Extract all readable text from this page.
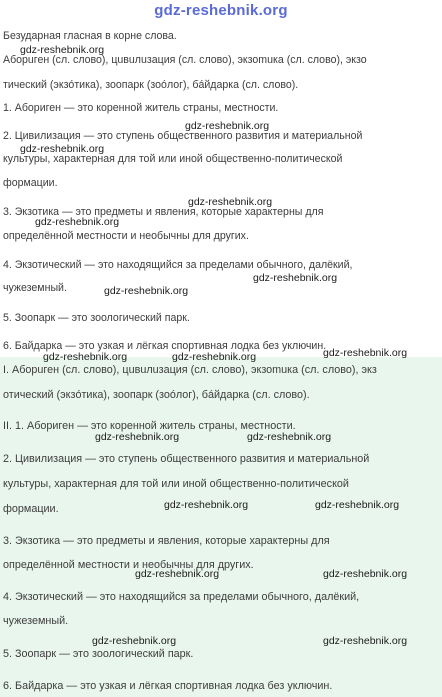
gdz-reshebnik.org
Безударная гласная в корне слова.
Аборuген (сл. слово), цuвuлuзация (сл. слово), экзоmuка (сл. слово), экзо
тический (экзóтика), зоопарк (зоóлог), бáйдарка (сл. слово).
1. Абориген — это коренной житель страны, местности.
2. Цивилизация — это ступень общественного развития и материальной
культуры, характерная для той или иной общественно-политической
формации.
3. Экзотика — это предметы и явления, которые характерны для
определённой местности и необычны для других.
4. Экзотический — это находящийся за пределами обычного, далёкий,
чужеземный.
5. Зоопарк — это зоологический парк.
6. Байдарка — это узкая и лёгкая спортивная лодка без уключин.
I. Абoрuген (сл. слово), цuвuлuзация (сл. слово), экзоmuка (сл. слово), экз
отический (экзóтика), зоопарк (зоóлог), бáйдарка (сл. слово).
II. 1. Абориген — это коренной житель страны, местности.
2. Цивилизация — это ступень общественного развития и материальной
культуры, характерная для той или иной общественно-политической
формации.
3. Экзотика — это предметы и явления, которые характерны для
определённой местности и необычны для других.
4. Экзотический — это находящийся за пределами обычного, далёкий,
чужеземный.
5. Зоопарк — это зоологический парк.
6. Байдарка — это узкая и лёгкая спортивная лодка без уключин.
gdz-reshebnik.org
gdz-reshebnik.org
gdz-reshebnik.org
gdz-reshebnik.org
gdz-reshebnik.org
gdz-reshebnik.org
gdz-reshebnik.org
gdz-reshebnik.org	gdz-reshebnik.org	gdz-reshebnik.org
gdz-reshebnik.org	gdz-reshebnik.org
gdz-reshebnik.org	gdz-reshebnik.org
gdz-reshebnik.org	gdz-reshebnik.org
gdz-reshebnik.org	gdz-reshebnik.org
